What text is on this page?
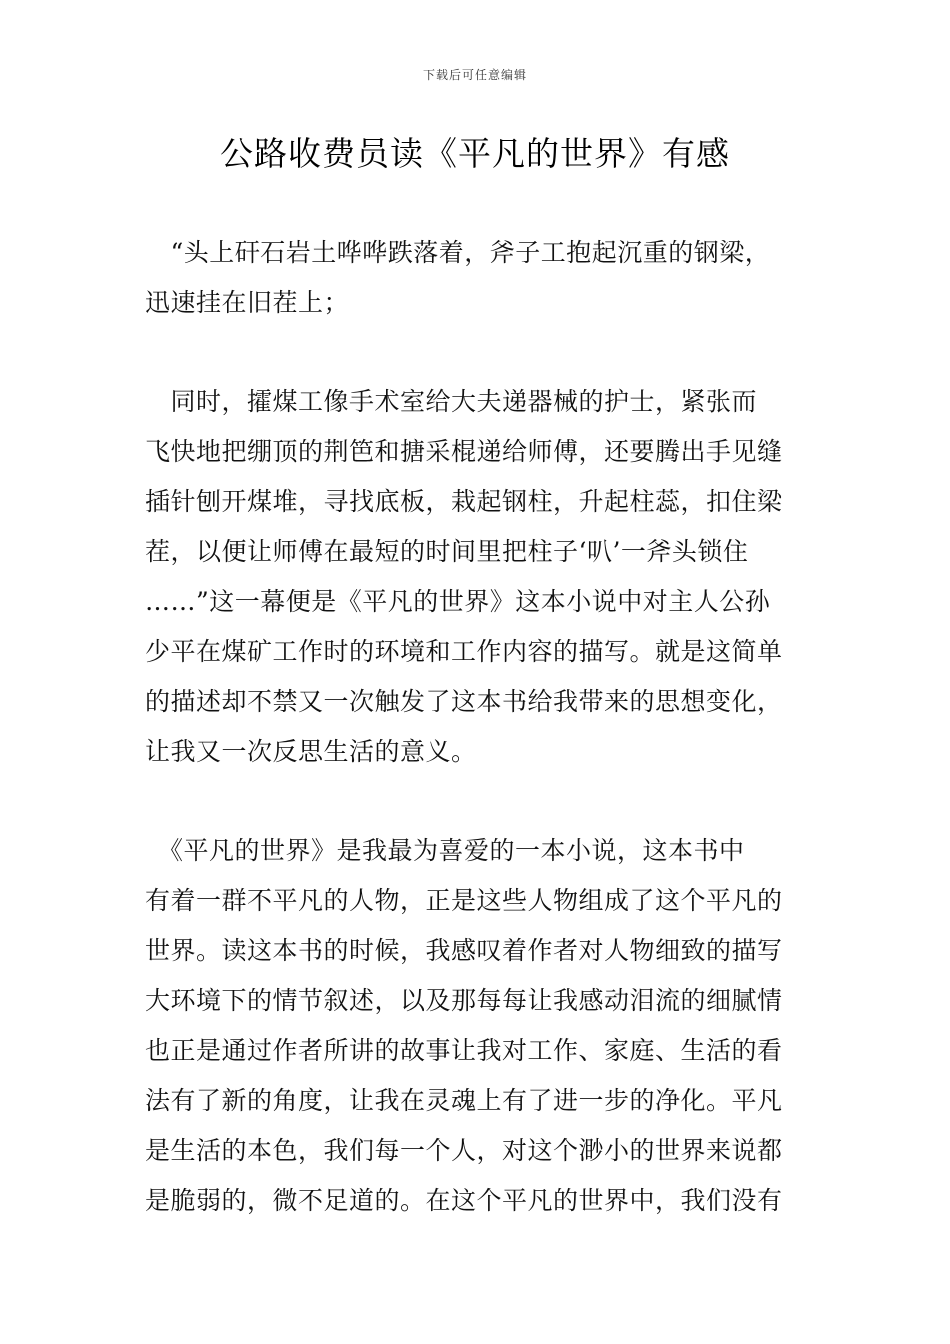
下载后可任意编辑
公路收费员读《平凡的世界》有感
　“头上矸石岩土哗哗跌落着，斧子工抱起沉重的钢梁，
迅速挂在旧茬上；
　同时，攉煤工像手术室给大夫递器械的护士，紧张而
飞快地把绷顶的荆笆和搪采棍递给师傅，还要腾出手见缝
插针刨开煤堆，寻找底板，栽起钢柱，升起柱蕊，扣住梁
茬，以便让师傅在最短的时间里把柱子‘叭’一斧头锁住
……”这一幕便是《平凡的世界》这本小说中对主人公孙
少平在煤矿工作时的环境和工作内容的描写。就是这简单
的描述却不禁又一次触发了这本书给我带来的思想变化，
让我又一次反思生活的意义。
　《平凡的世界》是我最为喜爱的一本小说，这本书中
有着一群不平凡的人物，正是这些人物组成了这个平凡的
世界。读这本书的时候，我感叹着作者对人物细致的描写
大环境下的情节叙述，以及那每每让我感动泪流的细腻情
也正是通过作者所讲的故事让我对工作、家庭、生活的看
法有了新的角度，让我在灵魂上有了进一步的净化。平凡
是生活的本色，我们每一个人，对这个渺小的世界来说都
是脆弱的，微不足道的。在这个平凡的世界中，我们没有
